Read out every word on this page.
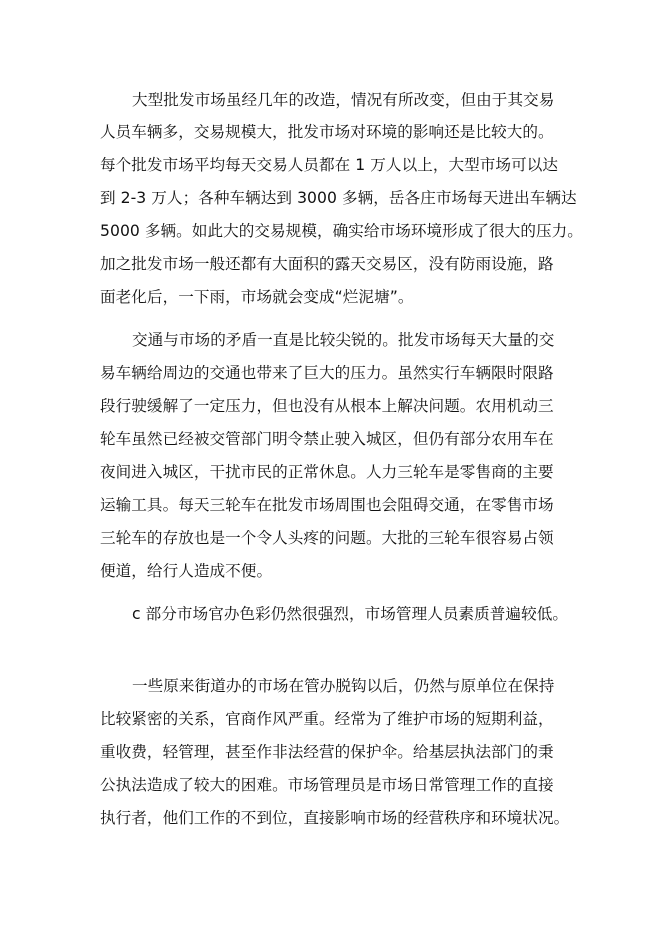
大型批发市场虽经几年的改造，情况有所改变，但由于其交易
人员车辆多，交易规模大，批发市场对环境的影响还是比较大的。
每个批发市场平均每天交易人员都在 1 万人以上，大型市场可以达
到 2-3 万人；各种车辆达到 3000 多辆，岳各庄市场每天进出车辆达
5000 多辆。如此大的交易规模，确实给市场环境形成了很大的压力。
加之批发市场一般还都有大面积的露天交易区，没有防雨设施，路
面老化后，一下雨，市场就会变成“烂泥塘”。
交通与市场的矛盾一直是比较尖锐的。批发市场每天大量的交
易车辆给周边的交通也带来了巨大的压力。虽然实行车辆限时限路
段行驶缓解了一定压力，但也没有从根本上解决问题。农用机动三
轮车虽然已经被交管部门明令禁止驶入城区，但仍有部分农用车在
夜间进入城区，干扰市民的正常休息。人力三轮车是零售商的主要
运输工具。每天三轮车在批发市场周围也会阻碍交通，在零售市场
三轮车的存放也是一个令人头疼的问题。大批的三轮车很容易占领
便道，给行人造成不便。
c 部分市场官办色彩仍然很强烈，市场管理人员素质普遍较低。
一些原来街道办的市场在管办脱钩以后，仍然与原单位在保持
比较紧密的关系，官商作风严重。经常为了维护市场的短期利益，
重收费，轻管理，甚至作非法经营的保护伞。给基层执法部门的秉
公执法造成了较大的困难。市场管理员是市场日常管理工作的直接
执行者，他们工作的不到位，直接影响市场的经营秩序和环境状况。
